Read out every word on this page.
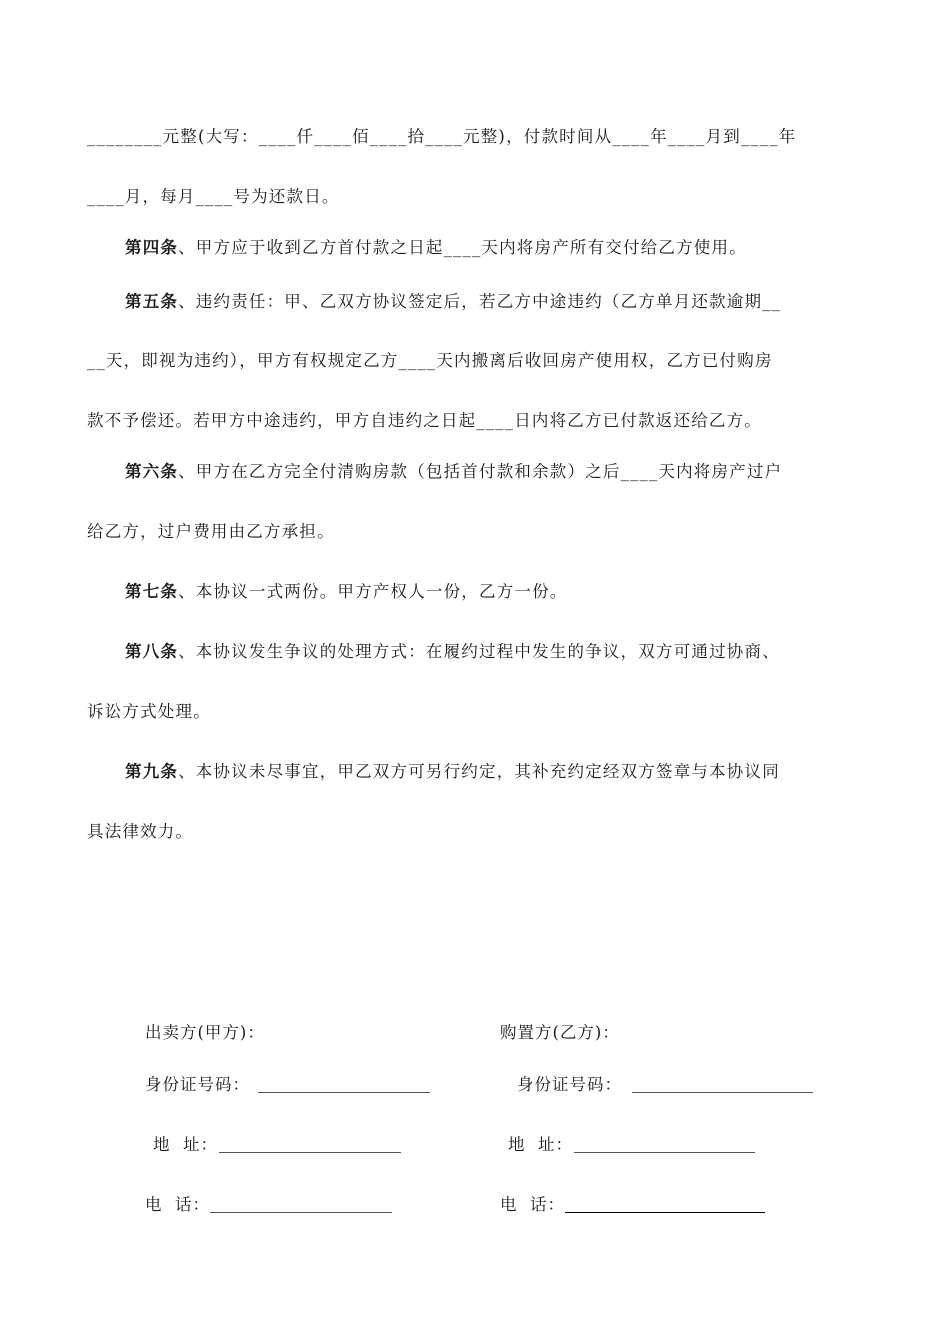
________元整(大写：____仟____佰____拾____元整)，付款时间从____年____月到____年
____月，每月____号为还款日。
第四条、甲方应于收到乙方首付款之日起____天内将房产所有交付给乙方使用。
第五条、违约责任：甲、乙双方协议签定后，若乙方中途违约（乙方单月还款逾期__
__天，即视为违约），甲方有权规定乙方____天内搬离后收回房产使用权，乙方已付购房
款不予偿还。若甲方中途违约，甲方自违约之日起____日内将乙方已付款返还给乙方。
第六条、甲方在乙方完全付清购房款（包括首付款和余款）之后____天内将房产过户
给乙方，过户费用由乙方承担。
第七条、本协议一式两份。甲方产权人一份，乙方一份。
第八条、本协议发生争议的处理方式：在履约过程中发生的争议，双方可通过协商、
诉讼方式处理。
第九条、本协议未尽事宜，甲乙双方可另行约定，其补充约定经双方签章与本协议同
具法律效力。
出卖方(甲方)：
身份证号码：
地  址：
电  话：
购置方(乙方)：
身份证号码：
地  址：
电  话：
